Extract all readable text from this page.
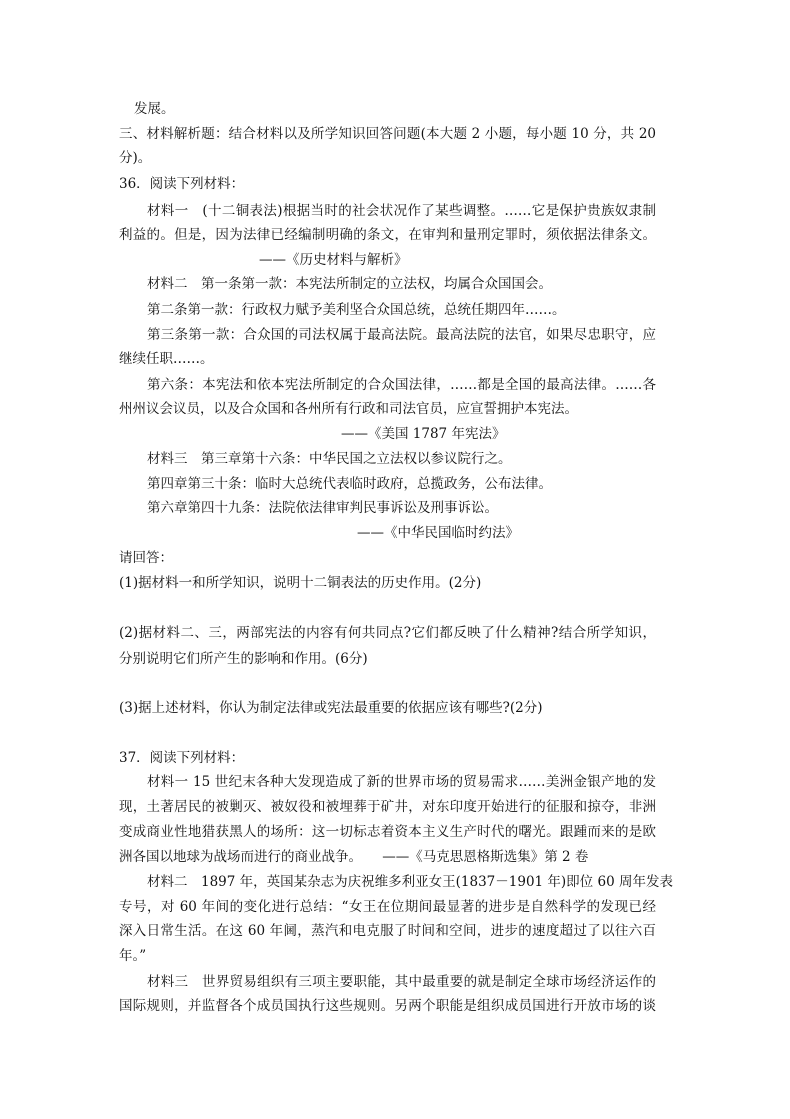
发展。
三、材料解析题：结合材料以及所学知识回答问题(本大题 2 小题，每小题 10 分，共 20
分)。
36．阅读下列材料：
材料一　(十二铜表法)根据当时的社会状况作了某些调整。……它是保护贵族奴隶制
利益的。但是，因为法律已经编制明确的条文，在审判和量刑定罪时，须依据法律条文。
——《历史材料与解析》
材料二　第一条第一款：本宪法所制定的立法权，均属合众国国会。
第二条第一款：行政权力赋予美利坚合众国总统，总统任期四年……。
第三条第一款：合众国的司法权属于最高法院。最高法院的法官，如果尽忠职守，应
继续任职……。
第六条：本宪法和依本宪法所制定的合众国法律，……都是全国的最高法律。……各
州州议会议员，以及合众国和各州所有行政和司法官员，应宣誓拥护本宪法。
——《美国 1787 年宪法》
材料三　第三章第十六条：中华民国之立法权以参议院行之。
第四章第三十条：临时大总统代表临时政府，总揽政务，公布法律。
第六章第四十九条：法院依法律审判民事诉讼及刑事诉讼。
——《中华民国临时约法》
请回答：
(1)据材料一和所学知识，说明十二铜表法的历史作用。(2分)
(2)据材料二、三，两部宪法的内容有何共同点?它们都反映了什么精神?结合所学知识，
分别说明它们所产生的影响和作用。(6分)
(3)据上述材料，你认为制定法律或宪法最重要的依据应该有哪些?(2分)
37．阅读下列材料：
材料一 15 世纪末各种大发现造成了新的世界市场的贸易需求……美洲金银产地的发
现，土著居民的被剿灭、被奴役和被埋葬于矿井，对东印度开始进行的征服和掠夺，非洲
变成商业性地猎获黑人的场所：这一切标志着资本主义生产时代的曙光。跟踵而来的是欧
洲各国以地球为战场而进行的商业战争。　　——《马克思恩格斯选集》第 2 卷
材料二　1897 年，英国某杂志为庆祝维多利亚女王(1837－1901 年)即位 60 周年发表
专号，对 60 年间的变化进行总结：“女王在位期间最显著的进步是自然科学的发现已经
深入日常生活。在这 60 年阃，蒸汽和电克服了时间和空间，进步的速度超过了以往六百
年。”
材料三　世界贸易组织有三项主要职能，其中最重要的就是制定全球市场经济运作的
国际规则，并监督各个成员国执行这些规则。另两个职能是组织成员国进行开放市场的谈
